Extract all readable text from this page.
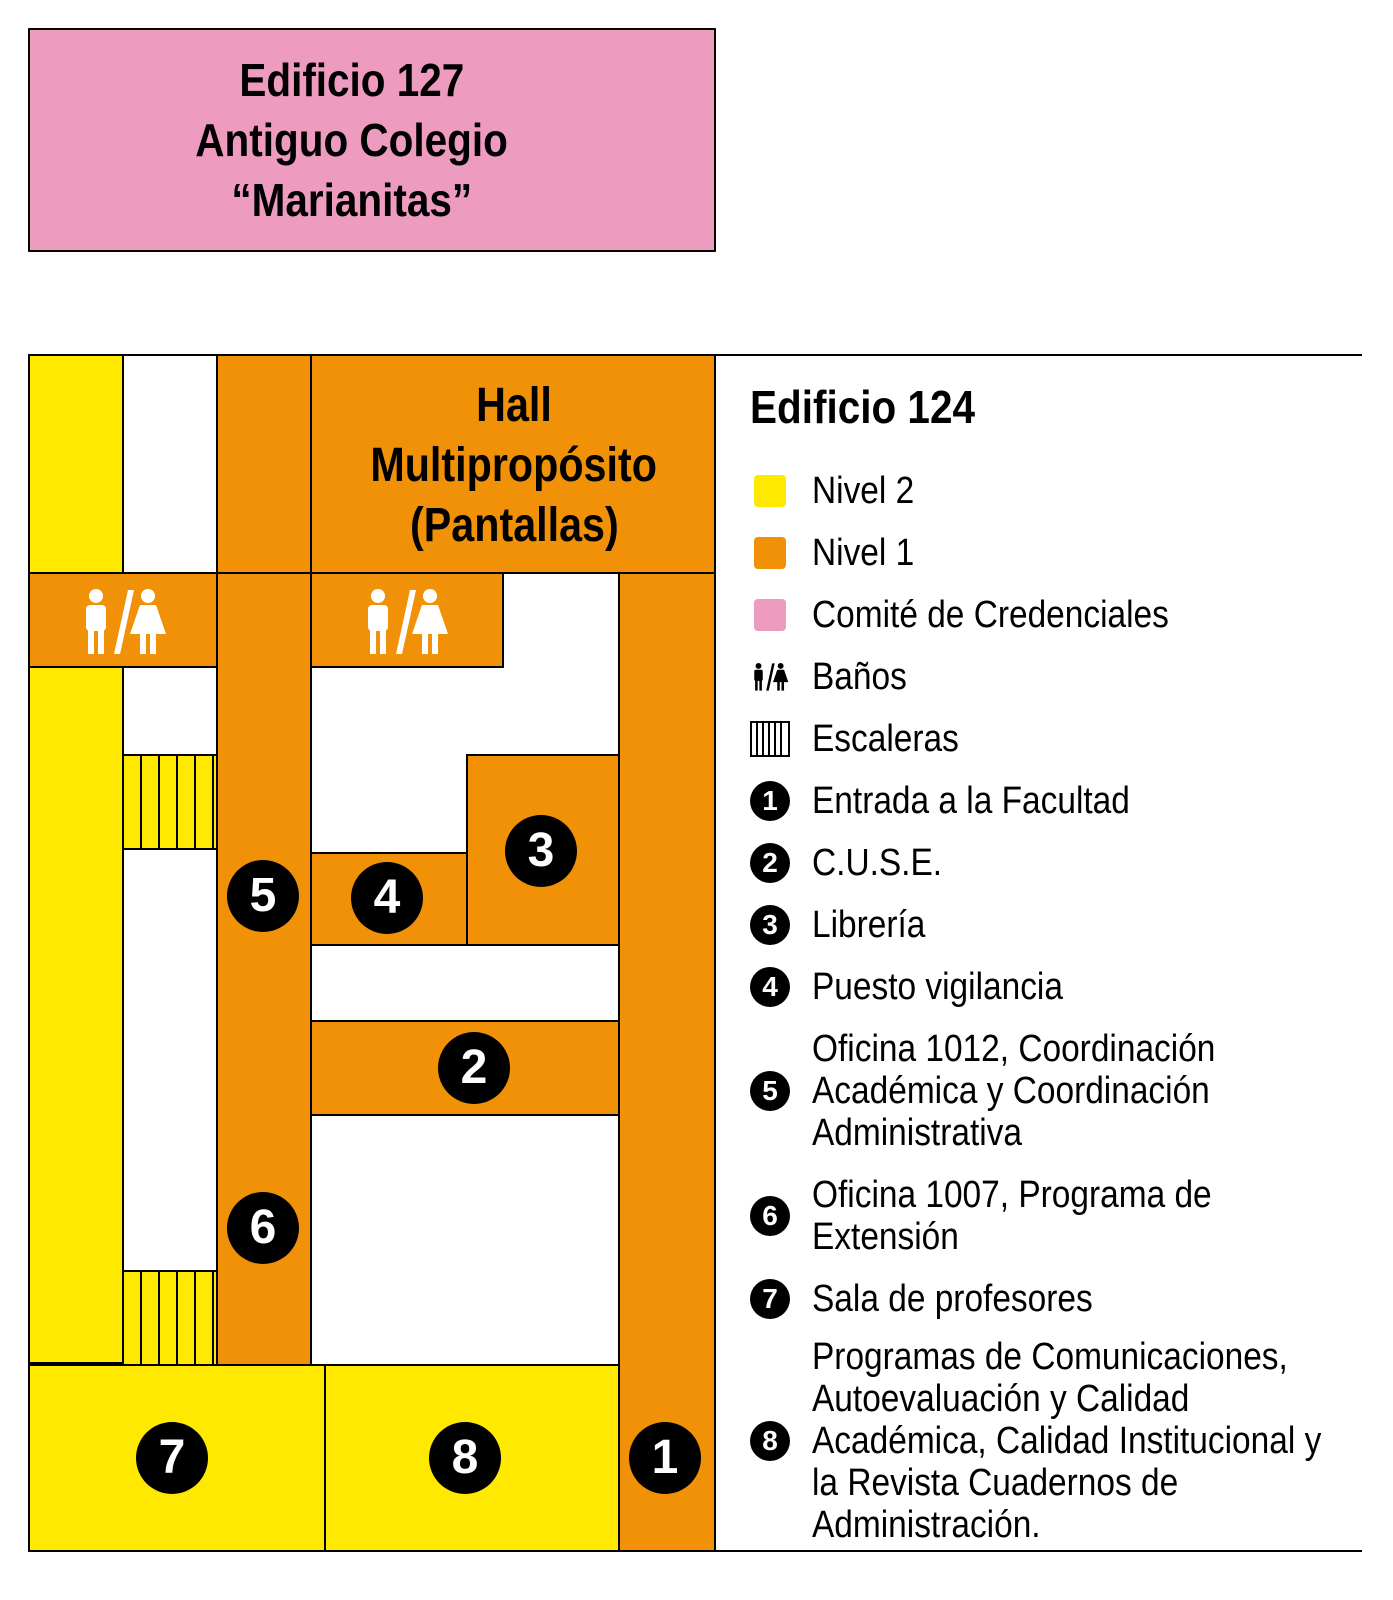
Edificio 127
Antiguo Colegio
“Marianitas”
Hall
Multipropósito
(Pantallas)
5	4
3
2
6
7	8	1
Edificio 124
Nivel 2
Nivel 1
Comité de Credenciales
Baños
Escaleras
1 Entrada a la Facultad
2 C.U.S.E.
3 Librería
4 Puesto vigilancia
5
Oficina 1012, Coordinación
Académica y Coordinación
Administrativa
6 Oficina 1007, Programa de
Extensión
7 Sala de profesores
8
Programas de Comunicaciones,
Autoevaluación y Calidad
Académica, Calidad Institucional y
la Revista Cuadernos de
Administración.
